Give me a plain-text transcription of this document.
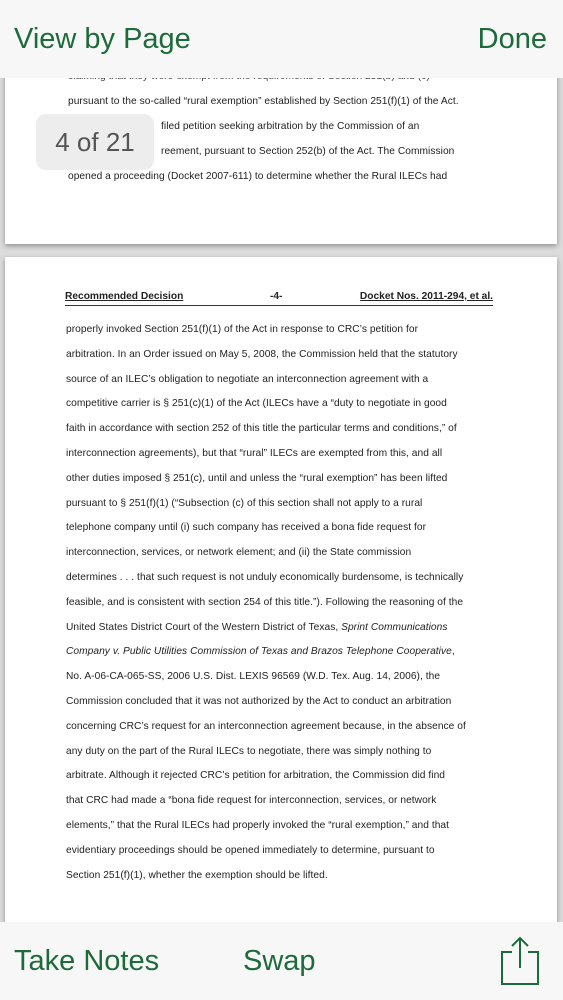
View by Page	Done
pursuant to the so-called “rural exemption” established by Section 251(f)(1) of the Act.
filed petition seeking arbitration by the Commission of an
reement, pursuant to Section 252(b) of the Act. The Commission
opened a proceeding (Docket 2007-611) to determine whether the Rural ILECs had
4 of 21
Recommended Decision	-4-	Docket Nos. 2011-294, et al.
properly invoked Section 251(f)(1) of the Act in response to CRC’s petition for
arbitration. In an Order issued on May 5, 2008, the Commission held that the statutory
source of an ILEC’s obligation to negotiate an interconnection agreement with a
competitive carrier is § 251(c)(1) of the Act (ILECs have a “duty to negotiate in good
faith in accordance with section 252 of this title the particular terms and conditions,” of
interconnection agreements), but that “rural” ILECs are exempted from this, and all
other duties imposed § 251(c), until and unless the “rural exemption” has been lifted
pursuant to § 251(f)(1) (“Subsection (c) of this section shall not apply to a rural
telephone company until (i) such company has received a bona fide request for
interconnection, services, or network element; and (ii) the State commission
determines . . . that such request is not unduly economically burdensome, is technically
feasible, and is consistent with section 254 of this title.”). Following the reasoning of the
United States District Court of the Western District of Texas, Sprint Communications
Company v. Public Utilities Commission of Texas and Brazos Telephone Cooperative,
No. A-06-CA-065-SS, 2006 U.S. Dist. LEXIS 96569 (W.D. Tex. Aug. 14, 2006), the
Commission concluded that it was not authorized by the Act to conduct an arbitration
concerning CRC’s request for an interconnection agreement because, in the absence of
any duty on the part of the Rural ILECs to negotiate, there was simply nothing to
arbitrate. Although it rejected CRC’s petition for arbitration, the Commission did find
that CRC had made a “bona fide request for interconnection, services, or network
elements,” that the Rural ILECs had properly invoked the “rural exemption,” and that
evidentiary proceedings should be opened immediately to determine, pursuant to
Section 251(f)(1), whether the exemption should be lifted.
Take Notes	Swap
